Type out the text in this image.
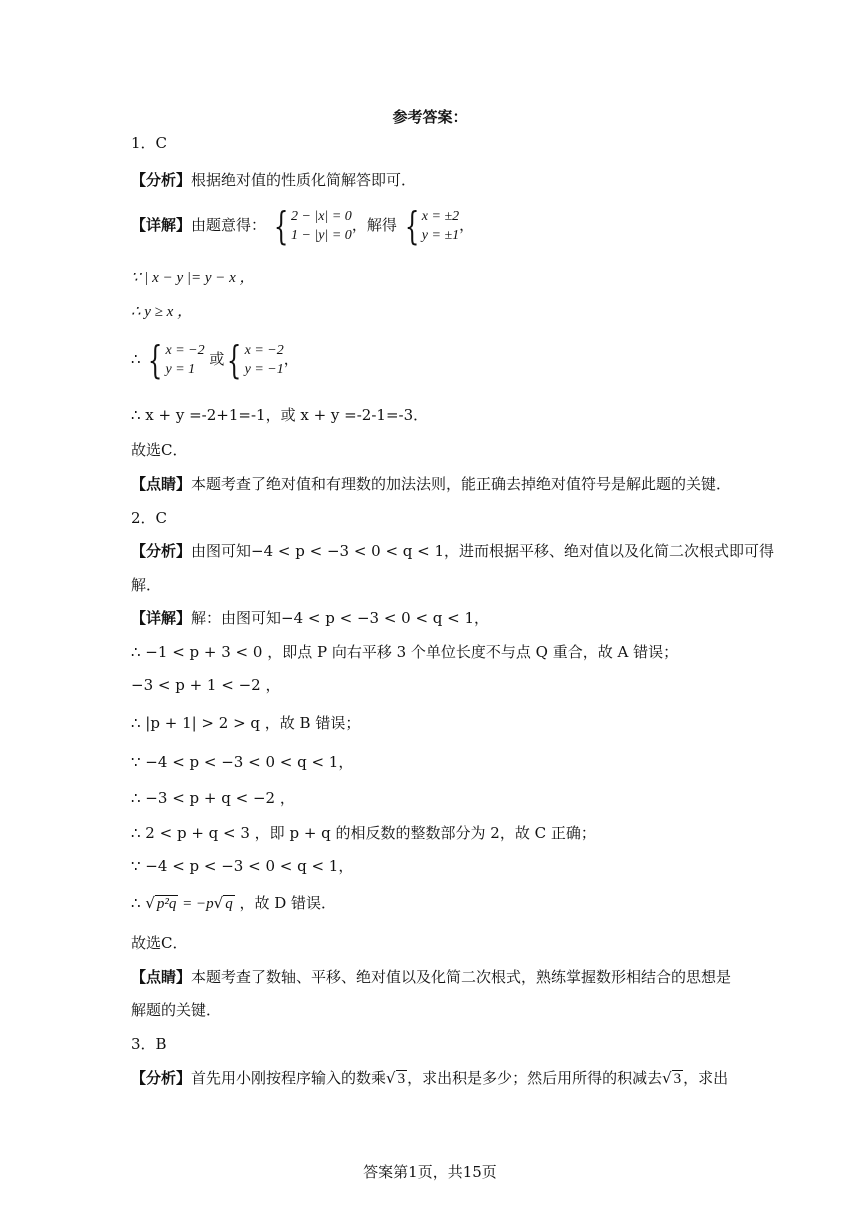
参考答案：
1．C
【分析】根据绝对值的性质化简解答即可．
【详解】由题意得： { 2 − |x| = 0
1 − |y| = 0
，解得 { x = ±2
y = ±1
，
∵ | x − y |= y − x ，
∴ y ≥ x ，
∴ { x = −2
y = 1
或 { x = −2
y = −1
，
∴ x + y =-2+1=-1，或 x + y =-2-1=-3．
故选C．
【点睛】本题考查了绝对值和有理数的加法法则，能正确去掉绝对值符号是解此题的关键．
2．C
【分析】由图可知−4 < p < −3 < 0 < q < 1，进而根据平移、绝对值以及化简二次根式即可得
解．
【详解】解：由图可知−4 < p < −3 < 0 < q < 1，
∴ −1 < p + 3 < 0 ，即点 P 向右平移 3 个单位长度不与点 Q 重合，故 A 错误；
−3 < p + 1 < −2 ，
∴ |p + 1| > 2 > q ，故 B 错误；
∵ −4 < p < −3 < 0 < q < 1，
∴ −3 < p + q < −2 ，
∴ 2 < p + q < 3 ，即 p + q 的相反数的整数部分为 2，故 C 正确；
∵ −4 < p < −3 < 0 < q < 1，
∴ √ p²q = −p√ q ，故 D 错误．
故选C．
【点睛】本题考查了数轴、平移、绝对值以及化简二次根式，熟练掌握数形相结合的思想是
解题的关键．
3．B
【分析】首先用小刚按程序输入的数乘√ 3 ，求出积是多少；然后用所得的积减去√ 3 ，求出
答案第1页，共15页
